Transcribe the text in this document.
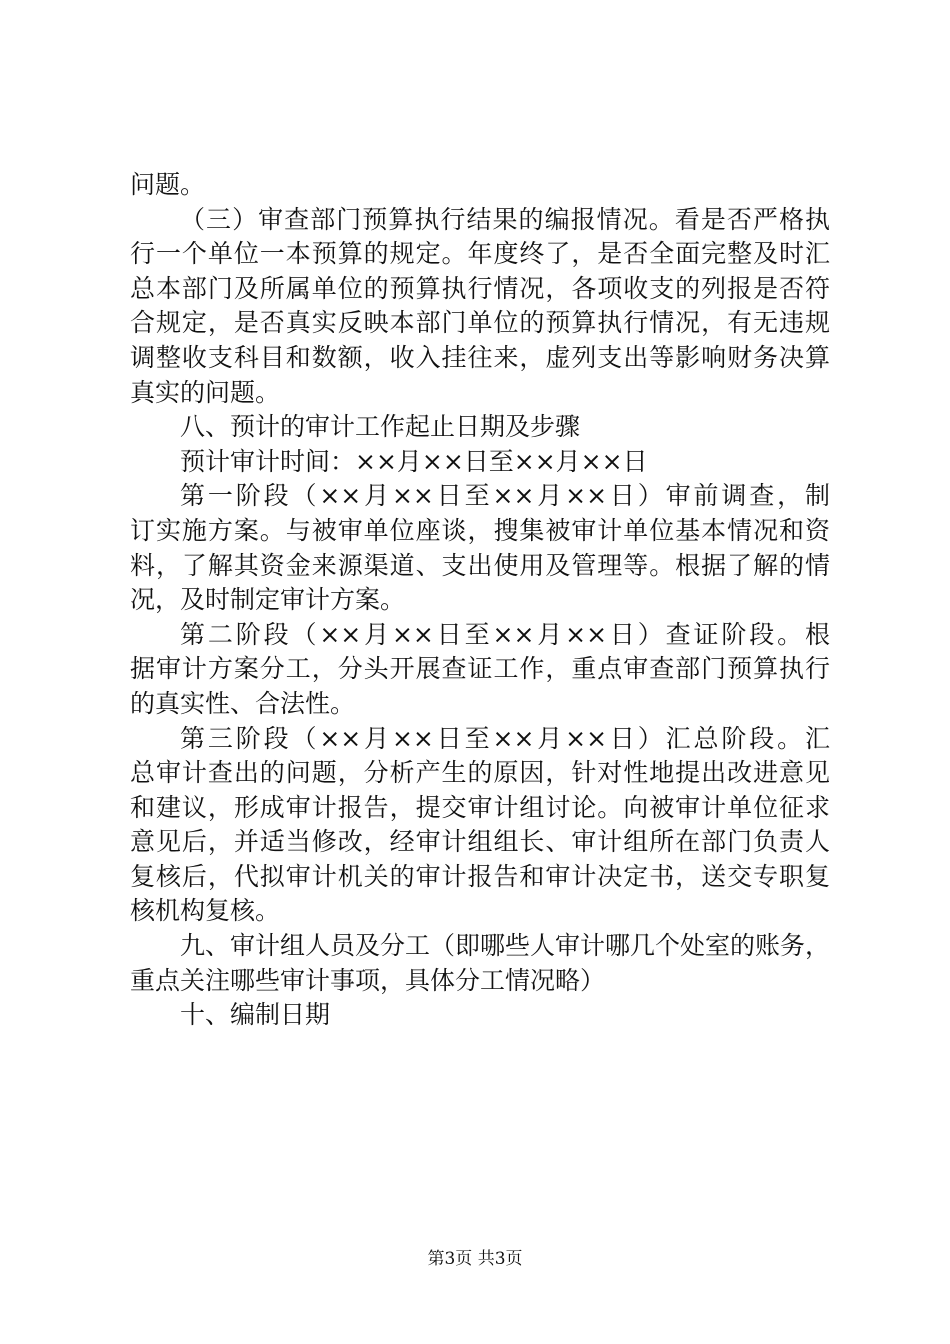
问题。
（三）审查部门预算执行结果的编报情况。看是否严格执
行一个单位一本预算的规定。年度终了，是否全面完整及时汇
总本部门及所属单位的预算执行情况，各项收支的列报是否符
合规定，是否真实反映本部门单位的预算执行情况，有无违规
调整收支科目和数额，收入挂往来，虚列支出等影响财务决算
真实的问题。
八、预计的审计工作起止日期及步骤
预计审计时间：××月××日至××月××日
第一阶段（××月××日至××月××日）审前调查，制
订实施方案。与被审单位座谈，搜集被审计单位基本情况和资
料，了解其资金来源渠道、支出使用及管理等。根据了解的情
况，及时制定审计方案。
第二阶段（××月××日至××月××日）查证阶段。根
据审计方案分工，分头开展查证工作，重点审查部门预算执行
的真实性、合法性。
第三阶段（××月××日至××月××日）汇总阶段。汇
总审计查出的问题，分析产生的原因，针对性地提出改进意见
和建议，形成审计报告，提交审计组讨论。向被审计单位征求
意见后，并适当修改，经审计组组长、审计组所在部门负责人
复核后，代拟审计机关的审计报告和审计决定书，送交专职复
核机构复核。
九、审计组人员及分工（即哪些人审计哪几个处室的账务，
重点关注哪些审计事项，具体分工情况略）
十、编制日期
第3页 共3页
